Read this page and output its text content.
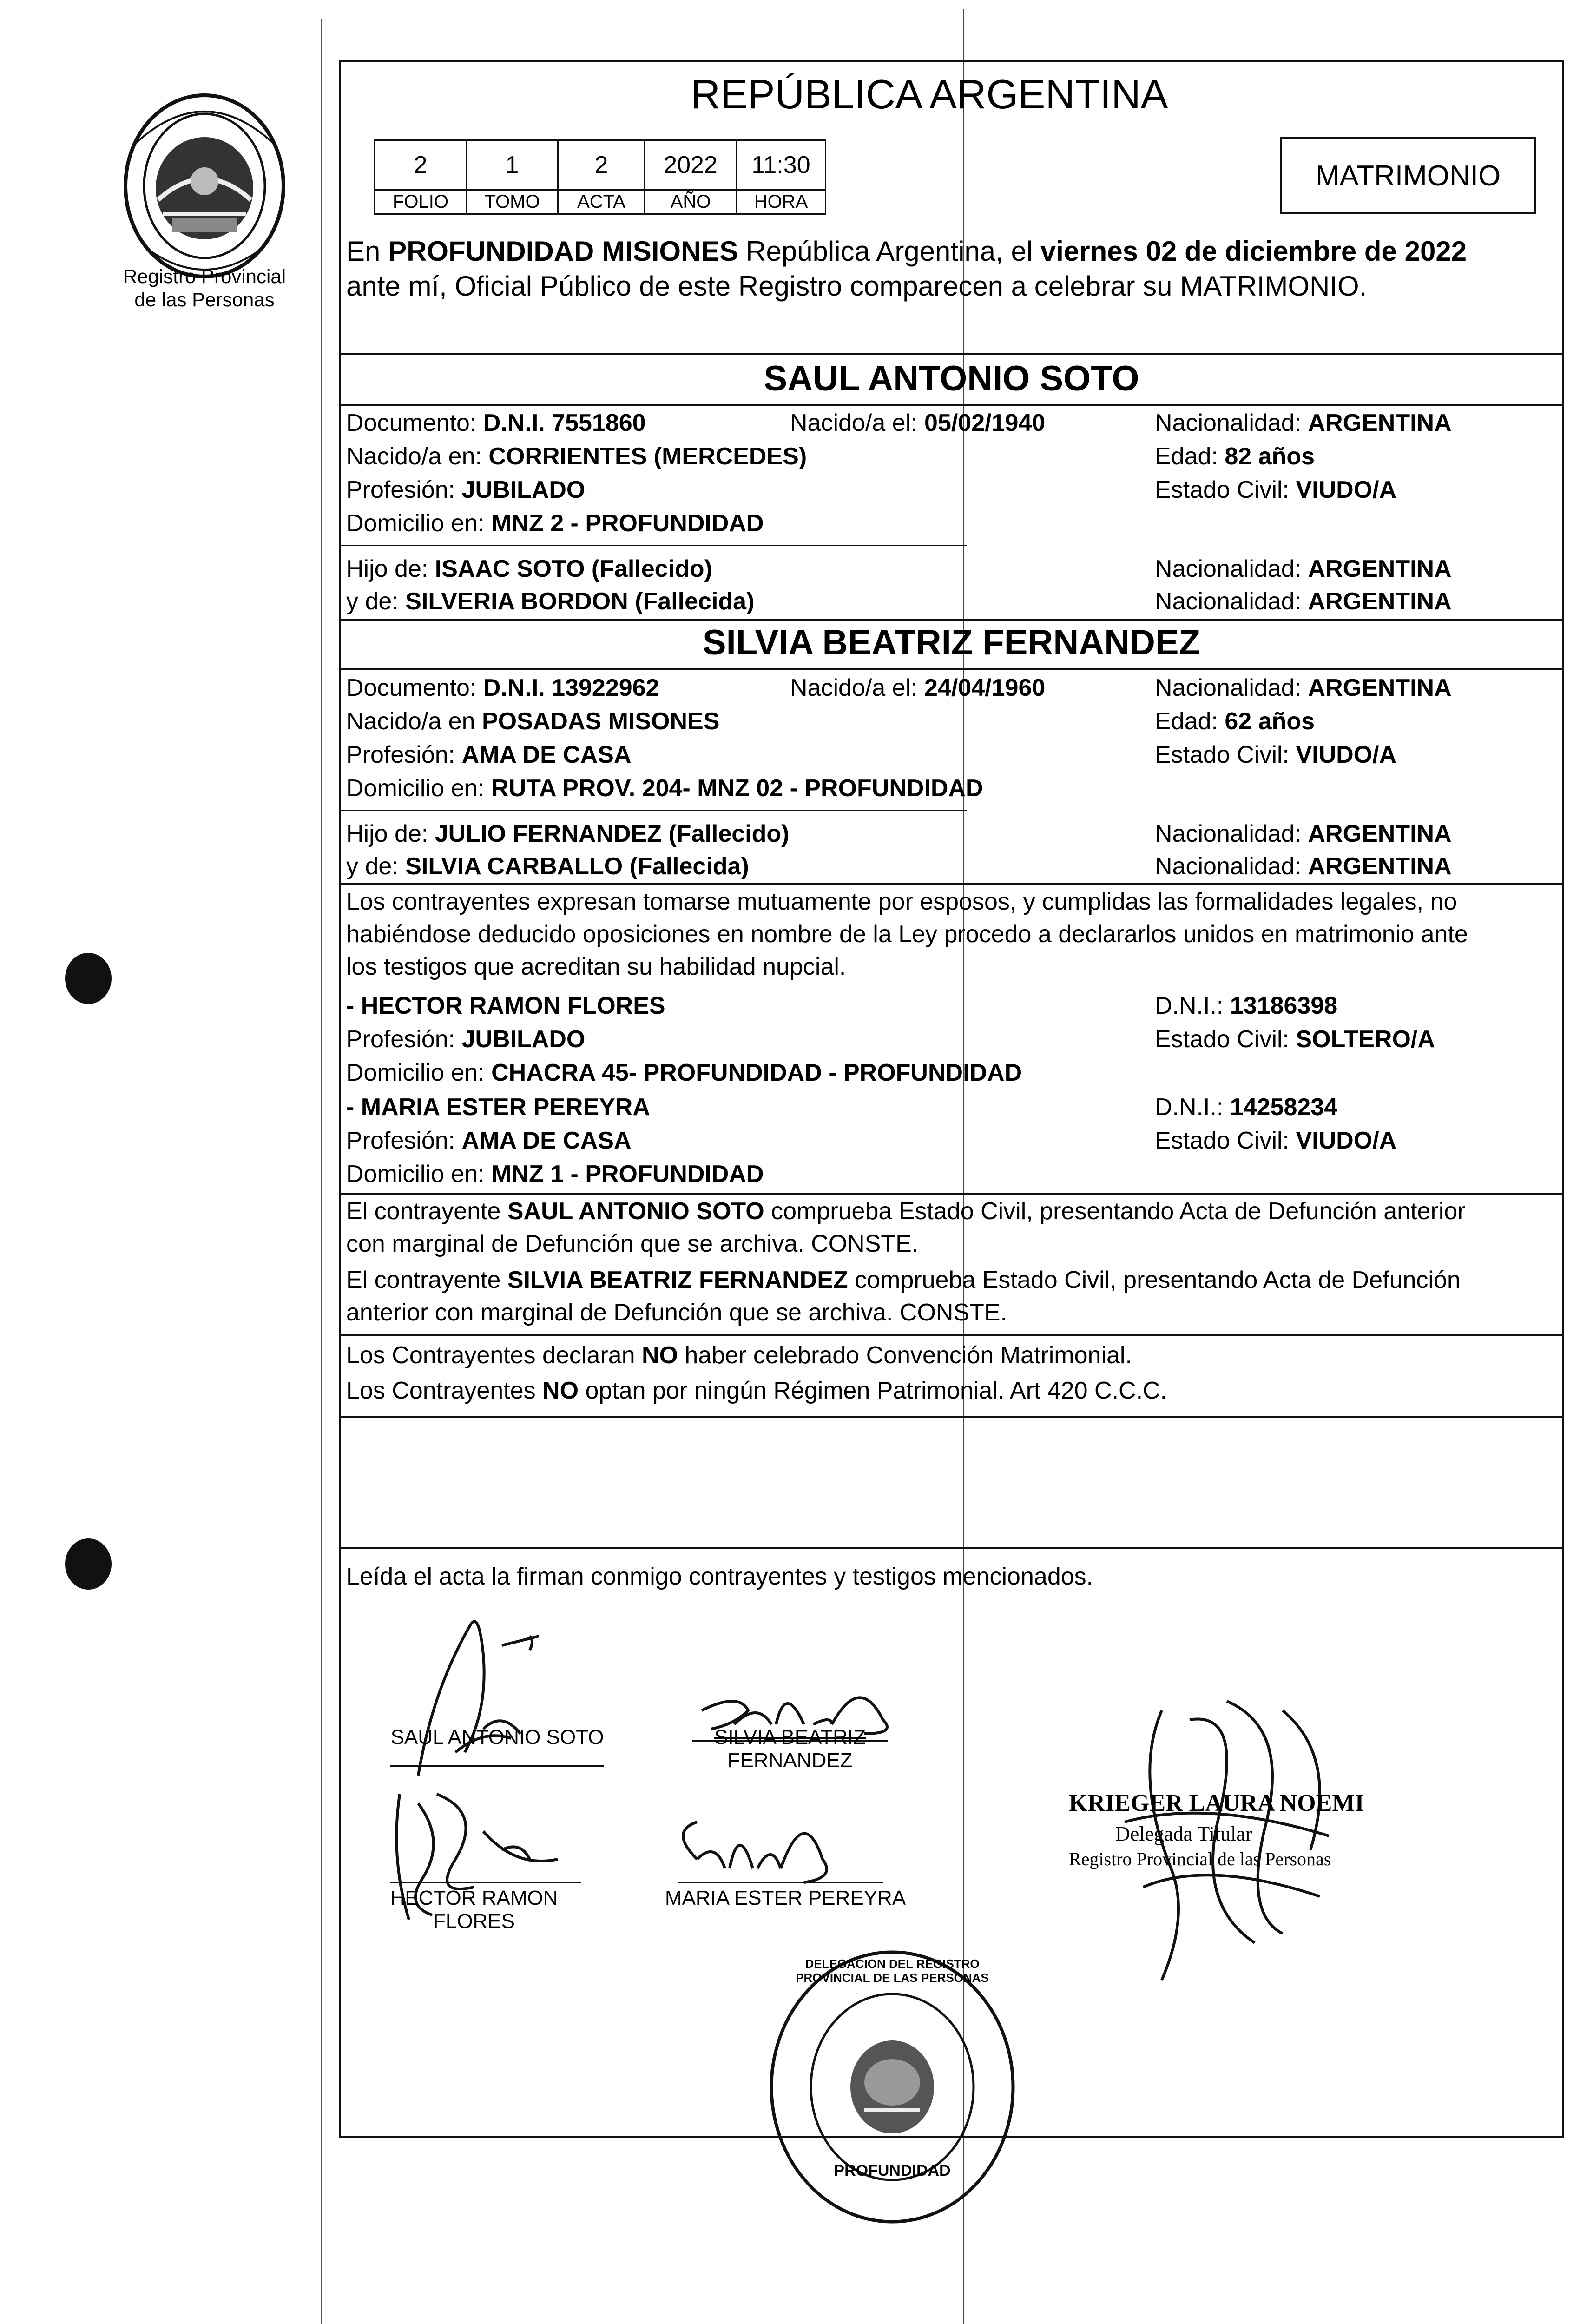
Registro Provincial
de las Personas
REPÚBLICA ARGENTINA
2	1	2	2022	11:30
FOLIO	TOMO	ACTA	AÑO	HORA
MATRIMONIO
En PROFUNDIDAD MISIONES República Argentina, el viernes 02 de diciembre de 2022
ante mí, Oficial Público de este Registro comparecen a celebrar su MATRIMONIO.
SAUL ANTONIO SOTO
Documento: D.N.I. 7551860	Nacido/a el: 05/02/1940	Nacionalidad: ARGENTINA
Nacido/a en: CORRIENTES (MERCEDES)	Edad: 82 años
Profesión: JUBILADO	Estado Civil: VIUDO/A
Domicilio en: MNZ 2 - PROFUNDIDAD
Hijo de: ISAAC SOTO (Fallecido)	Nacionalidad: ARGENTINA
y de: SILVERIA BORDON (Fallecida)	Nacionalidad: ARGENTINA
SILVIA BEATRIZ FERNANDEZ
Documento: D.N.I. 13922962	Nacido/a el: 24/04/1960	Nacionalidad: ARGENTINA
Nacido/a en POSADAS MISONES	Edad: 62 años
Profesión: AMA DE CASA	Estado Civil: VIUDO/A
Domicilio en: RUTA PROV. 204- MNZ 02 - PROFUNDIDAD
Hijo de: JULIO FERNANDEZ (Fallecido)	Nacionalidad: ARGENTINA
y de: SILVIA CARBALLO (Fallecida)	Nacionalidad: ARGENTINA
Los contrayentes expresan tomarse mutuamente por esposos, y cumplidas las formalidades legales, no
habiéndose deducido oposiciones en nombre de la Ley procedo a declararlos unidos en matrimonio ante
los testigos que acreditan su habilidad nupcial.
- HECTOR RAMON FLORES	D.N.I.: 13186398
Profesión: JUBILADO	Estado Civil: SOLTERO/A
Domicilio en: CHACRA 45- PROFUNDIDAD - PROFUNDIDAD
- MARIA ESTER PEREYRA	D.N.I.: 14258234
Profesión: AMA DE CASA	Estado Civil: VIUDO/A
Domicilio en: MNZ 1 - PROFUNDIDAD
El contrayente SAUL ANTONIO SOTO comprueba Estado Civil, presentando Acta de Defunción anterior
con marginal de Defunción que se archiva. CONSTE.
El contrayente SILVIA BEATRIZ FERNANDEZ comprueba Estado Civil, presentando Acta de Defunción
anterior con marginal de Defunción que se archiva. CONSTE.
Los Contrayentes declaran NO haber celebrado Convención Matrimonial.
Los Contrayentes NO optan por ningún Régimen Patrimonial. Art 420 C.C.C.
Leída el acta la firman conmigo contrayentes y testigos mencionados.
SAUL ANTONIO SOTO	SILVIA BEATRIZ
FERNANDEZ
HECTOR RAMON
FLORES
MARIA ESTER PEREYRA
KRIEGER LAURA NOEMI
Delegada Titular
Registro Provincial de las Personas
DELEGACION DEL REGISTRO PROVINCIAL DE LAS PERSONAS
PROFUNDIDAD
